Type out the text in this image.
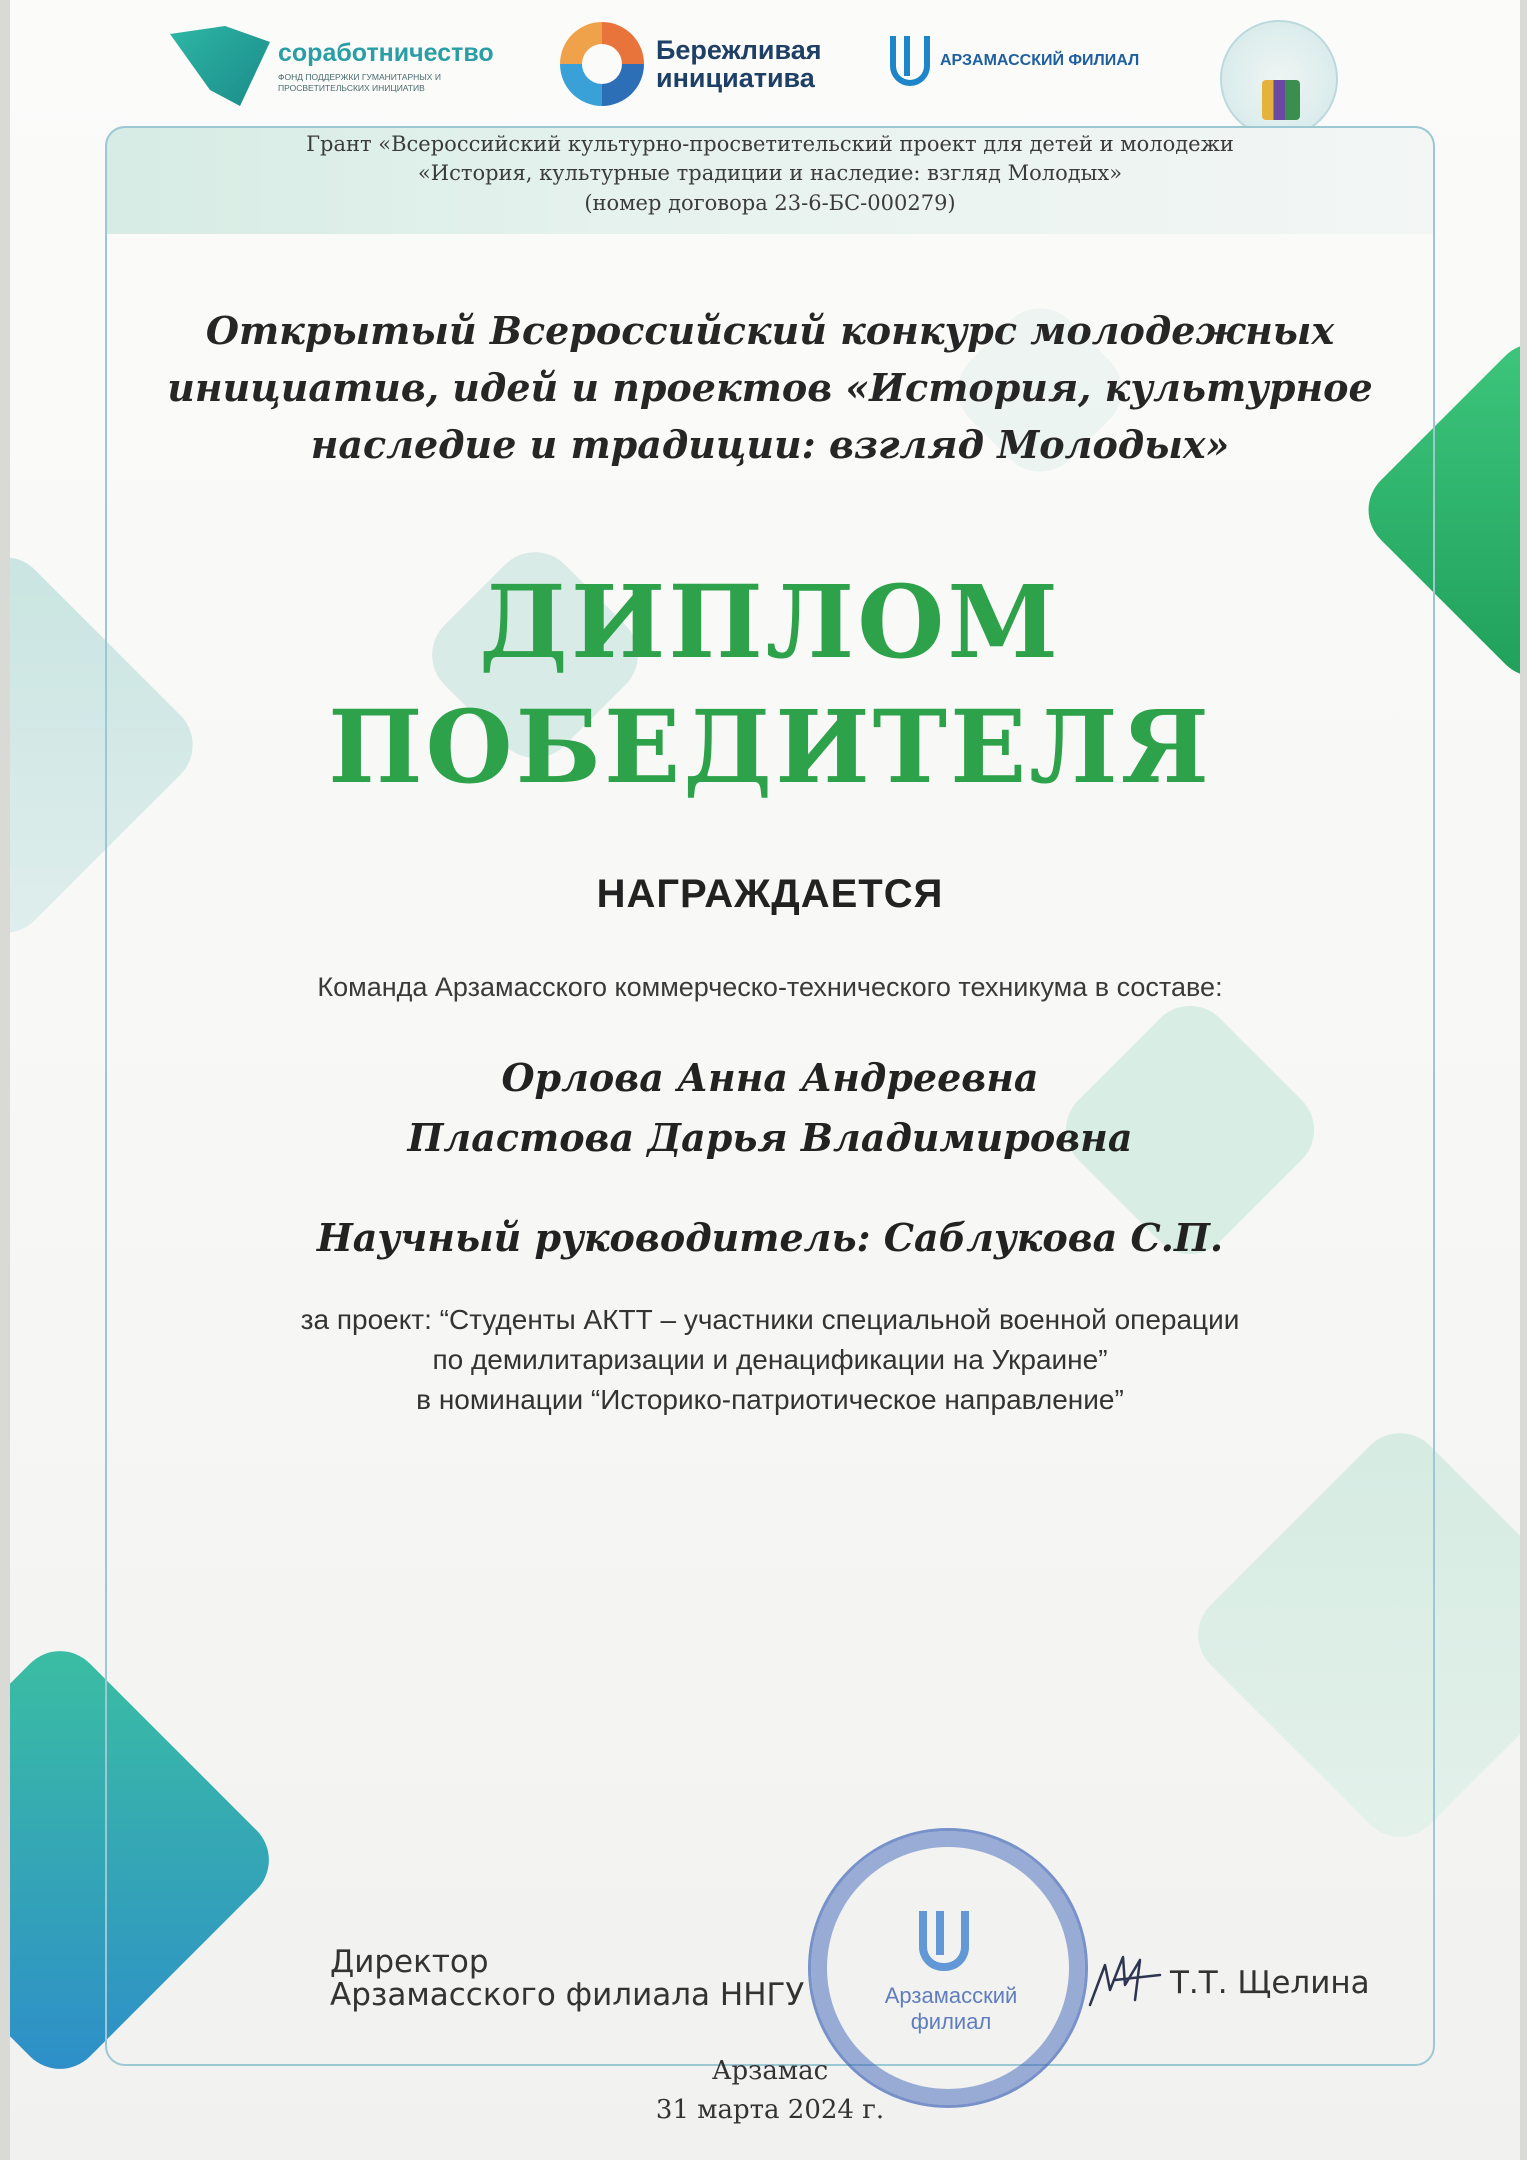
соработничество
ФОНД ПОДДЕРЖКИ ГУМАНИТАРНЫХ И
ПРОСВЕТИТЕЛЬСКИХ ИНИЦИАТИВ
Бережливая
инициатива
АРЗАМАССКИЙ ФИЛИАЛ
Грант «Всероссийский культурно-просветительский проект для детей и молодежи
«История, культурные традиции и наследие: взгляд Молодых»
(номер договора 23-6-БС-000279)
Открытый Всероссийский конкурс молодежных
инициатив, идей и проектов «История, культурное
наследие и традиции: взгляд Молодых»
ДИПЛОМ
ПОБЕДИТЕЛЯ
НАГРАЖДАЕТСЯ
Команда Арзамасского коммерческо-технического техникума в составе:
Орлова Анна Андреевна
Пластова Дарья Владимировна
Научный руководитель: Саблукова С.П.
за проект: “Студенты АКТТ – участники специальной военной операции
по демилитаризации и денацификации на Украине”
в номинации “Историко-патриотическое направление”
Директор
Арзамасского филиала ННГУ	Арзамасский
филиал
Т.Т. Щелина
Арзамас
31 марта 2024 г.
